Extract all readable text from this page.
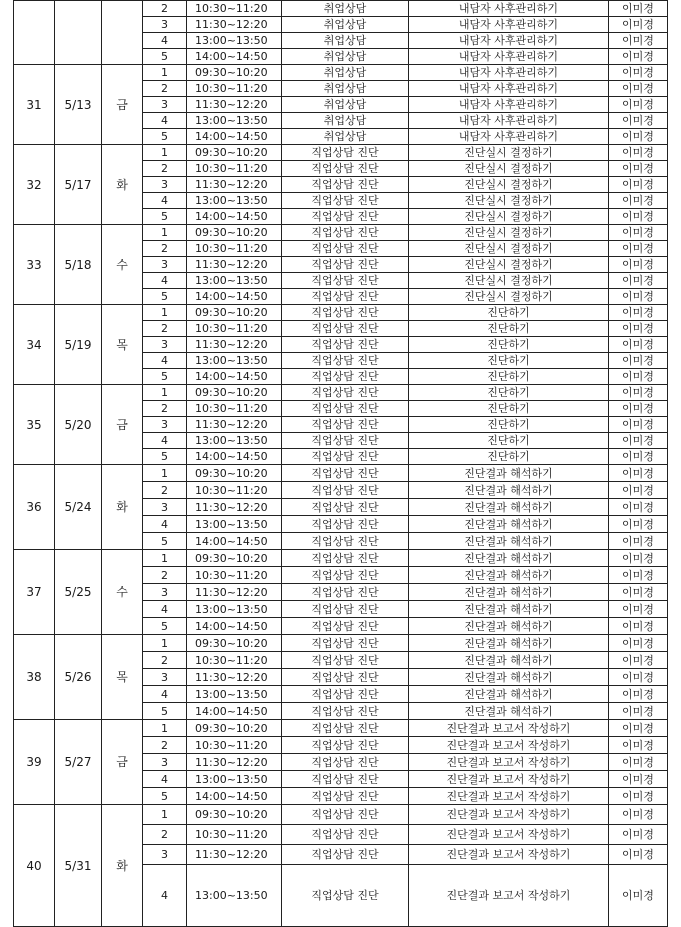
			2	10:30~11:20	취업상담	내담자 사후관리하기	이미경
			3	11:30~12:20	취업상담	내담자 사후관리하기	이미경
			4	13:00~13:50	취업상담	내담자 사후관리하기	이미경
			5	14:00~14:50	취업상담	내담자 사후관리하기	이미경
31	5/13	금	1	09:30~10:20	취업상담	내담자 사후관리하기	이미경
			2	10:30~11:20	취업상담	내담자 사후관리하기	이미경
			3	11:30~12:20	취업상담	내담자 사후관리하기	이미경
			4	13:00~13:50	취업상담	내담자 사후관리하기	이미경
			5	14:00~14:50	취업상담	내담자 사후관리하기	이미경
32	5/17	화	1	09:30~10:20	직업상담 진단	진단실시 결정하기	이미경
			2	10:30~11:20	직업상담 진단	진단실시 결정하기	이미경
			3	11:30~12:20	직업상담 진단	진단실시 결정하기	이미경
			4	13:00~13:50	직업상담 진단	진단실시 결정하기	이미경
			5	14:00~14:50	직업상담 진단	진단실시 결정하기	이미경
33	5/18	수	1	09:30~10:20	직업상담 진단	진단실시 결정하기	이미경
			2	10:30~11:20	직업상담 진단	진단실시 결정하기	이미경
			3	11:30~12:20	직업상담 진단	진단실시 결정하기	이미경
			4	13:00~13:50	직업상담 진단	진단실시 결정하기	이미경
			5	14:00~14:50	직업상담 진단	진단실시 결정하기	이미경
34	5/19	목	1	09:30~10:20	직업상담 진단	진단하기	이미경
			2	10:30~11:20	직업상담 진단	진단하기	이미경
			3	11:30~12:20	직업상담 진단	진단하기	이미경
			4	13:00~13:50	직업상담 진단	진단하기	이미경
			5	14:00~14:50	직업상담 진단	진단하기	이미경
35	5/20	금	1	09:30~10:20	직업상담 진단	진단하기	이미경
			2	10:30~11:20	직업상담 진단	진단하기	이미경
			3	11:30~12:20	직업상담 진단	진단하기	이미경
			4	13:00~13:50	직업상담 진단	진단하기	이미경
			5	14:00~14:50	직업상담 진단	진단하기	이미경
36	5/24	화	1	09:30~10:20	직업상담 진단	진단결과 해석하기	이미경
			2	10:30~11:20	직업상담 진단	진단결과 해석하기	이미경
			3	11:30~12:20	직업상담 진단	진단결과 해석하기	이미경
			4	13:00~13:50	직업상담 진단	진단결과 해석하기	이미경
			5	14:00~14:50	직업상담 진단	진단결과 해석하기	이미경
37	5/25	수	1	09:30~10:20	직업상담 진단	진단결과 해석하기	이미경
			2	10:30~11:20	직업상담 진단	진단결과 해석하기	이미경
			3	11:30~12:20	직업상담 진단	진단결과 해석하기	이미경
			4	13:00~13:50	직업상담 진단	진단결과 해석하기	이미경
			5	14:00~14:50	직업상담 진단	진단결과 해석하기	이미경
38	5/26	목	1	09:30~10:20	직업상담 진단	진단결과 해석하기	이미경
			2	10:30~11:20	직업상담 진단	진단결과 해석하기	이미경
			3	11:30~12:20	직업상담 진단	진단결과 해석하기	이미경
			4	13:00~13:50	직업상담 진단	진단결과 해석하기	이미경
			5	14:00~14:50	직업상담 진단	진단결과 해석하기	이미경
39	5/27	금	1	09:30~10:20	직업상담 진단	진단결과 보고서 작성하기	이미경
			2	10:30~11:20	직업상담 진단	진단결과 보고서 작성하기	이미경
			3	11:30~12:20	직업상담 진단	진단결과 보고서 작성하기	이미경
			4	13:00~13:50	직업상담 진단	진단결과 보고서 작성하기	이미경
			5	14:00~14:50	직업상담 진단	진단결과 보고서 작성하기	이미경
40	5/31	화	1	09:30~10:20	직업상담 진단	진단결과 보고서 작성하기	이미경
			2	10:30~11:20	직업상담 진단	진단결과 보고서 작성하기	이미경
			3	11:30~12:20	직업상담 진단	진단결과 보고서 작성하기	이미경
			4	13:00~13:50	직업상담 진단	진단결과 보고서 작성하기	이미경
